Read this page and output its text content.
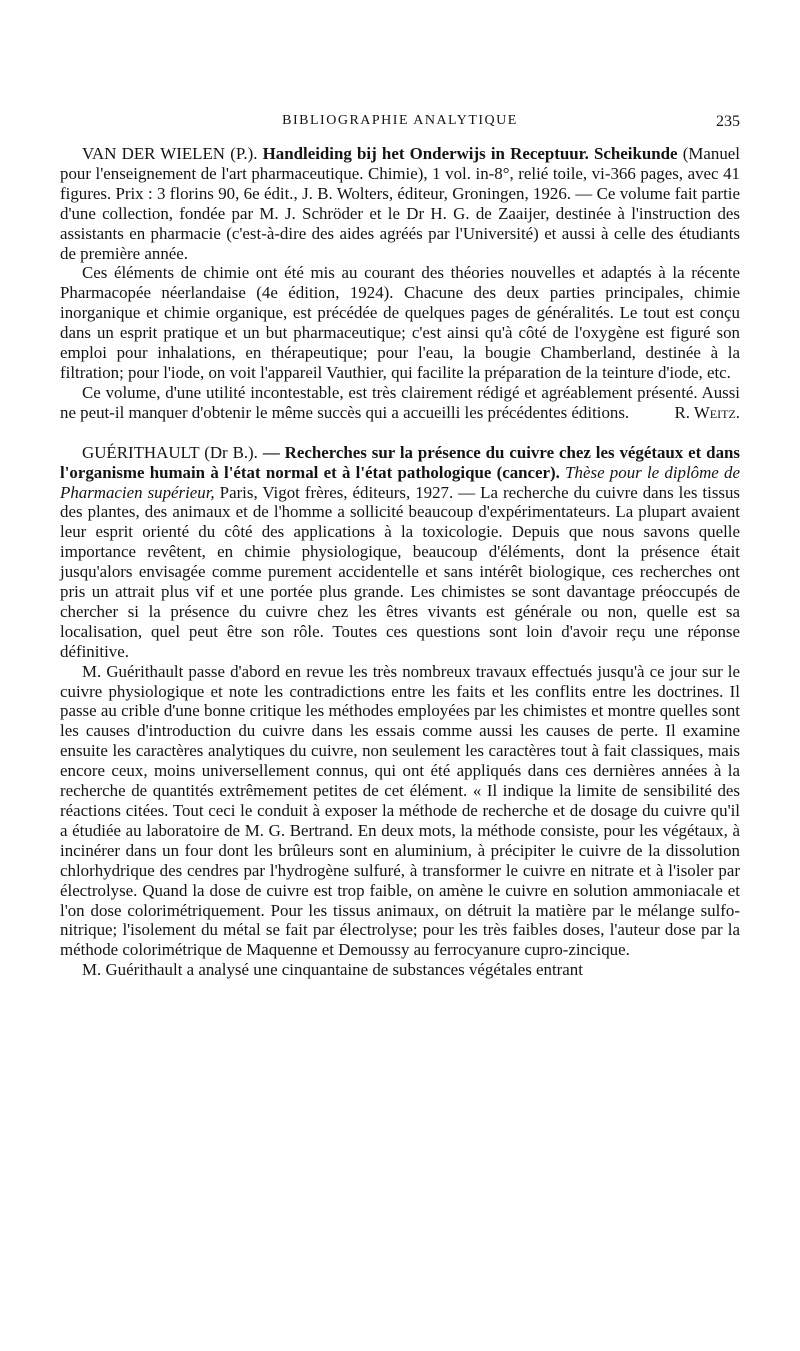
BIBLIOGRAPHIE ANALYTIQUE	235

VAN DER WIELEN (P.). Handleiding bij het Onderwijs in Receptuur. Scheikunde (Manuel pour l'enseignement de l'art pharmaceutique. Chimie), 1 vol. in-8°, relié toile, vi-366 pages, avec 41 figures. Prix : 3 florins 90, 6e édit., J. B. Wolters, éditeur, Groningen, 1926. — Ce volume fait partie d'une collection, fondée par M. J. Schröder et le Dr H. G. de Zaaijer, destinée à l'instruction des assistants en pharmacie (c'est-à-dire des aides agréés par l'Université) et aussi à celle des étudiants de première année.

Ces éléments de chimie ont été mis au courant des théories nouvelles et adaptés à la récente Pharmacopée néerlandaise (4e édition, 1924). Chacune des deux parties principales, chimie inorganique et chimie organique, est précédée de quelques pages de généralités. Le tout est conçu dans un esprit pratique et un but pharmaceutique; c'est ainsi qu'à côté de l'oxygène est figuré son emploi pour inhalations, en thérapeutique; pour l'eau, la bougie Chamberland, destinée à la filtration; pour l'iode, on voit l'appareil Vauthier, qui facilite la préparation de la teinture d'iode, etc.

Ce volume, d'une utilité incontestable, est très clairement rédigé et agréablement présenté. Aussi ne peut-il manquer d'obtenir le même succès qui a accueilli les précédentes éditions.	R. Weitz.

GUÉRITHAULT (Dr B.). — Recherches sur la présence du cuivre chez les végétaux et dans l'organisme humain à l'état normal et à l'état pathologique (cancer). Thèse pour le diplôme de Pharmacien supérieur, Paris, Vigot frères, éditeurs, 1927. — La recherche du cuivre dans les tissus des plantes, des animaux et de l'homme a sollicité beaucoup d'expérimentateurs. La plupart avaient leur esprit orienté du côté des applications à la toxicologie. Depuis que nous savons quelle importance revêtent, en chimie physiologique, beaucoup d'éléments, dont la présence était jusqu'alors envisagée comme purement accidentelle et sans intérêt biologique, ces recherches ont pris un attrait plus vif et une portée plus grande. Les chimistes se sont davantage préoccupés de chercher si la présence du cuivre chez les êtres vivants est générale ou non, quelle est sa localisation, quel peut être son rôle. Toutes ces questions sont loin d'avoir reçu une réponse définitive.

M. Guérithault passe d'abord en revue les très nombreux travaux effectués jusqu'à ce jour sur le cuivre physiologique et note les contradictions entre les faits et les conflits entre les doctrines. Il passe au crible d'une bonne critique les méthodes employées par les chimistes et montre quelles sont les causes d'introduction du cuivre dans les essais comme aussi les causes de perte. Il examine ensuite les caractères analytiques du cuivre, non seulement les caractères tout à fait classiques, mais encore ceux, moins universellement connus, qui ont été appliqués dans ces dernières années à la recherche de quantités extrêmement petites de cet élément. « Il indique la limite de sensibilité des réactions citées. Tout ceci le conduit à exposer la méthode de recherche et de dosage du cuivre qu'il a étudiée au laboratoire de M. G. Bertrand. En deux mots, la méthode consiste, pour les végétaux, à incinérer dans un four dont les brûleurs sont en aluminium, à précipiter le cuivre de la dissolution chlorhydrique des cendres par l'hydrogène sulfuré, à transformer le cuivre en nitrate et à l'isoler par électrolyse. Quand la dose de cuivre est trop faible, on amène le cuivre en solution ammoniacale et l'on dose colorimétriquement. Pour les tissus animaux, on détruit la matière par le mélange sulfo-nitrique; l'isolement du métal se fait par électrolyse; pour les très faibles doses, l'auteur dose par la méthode colorimétrique de Maquenne et Demoussy au ferrocyanure cupro-zincique.

M. Guérithault a analysé une cinquantaine de substances végétales entrant
